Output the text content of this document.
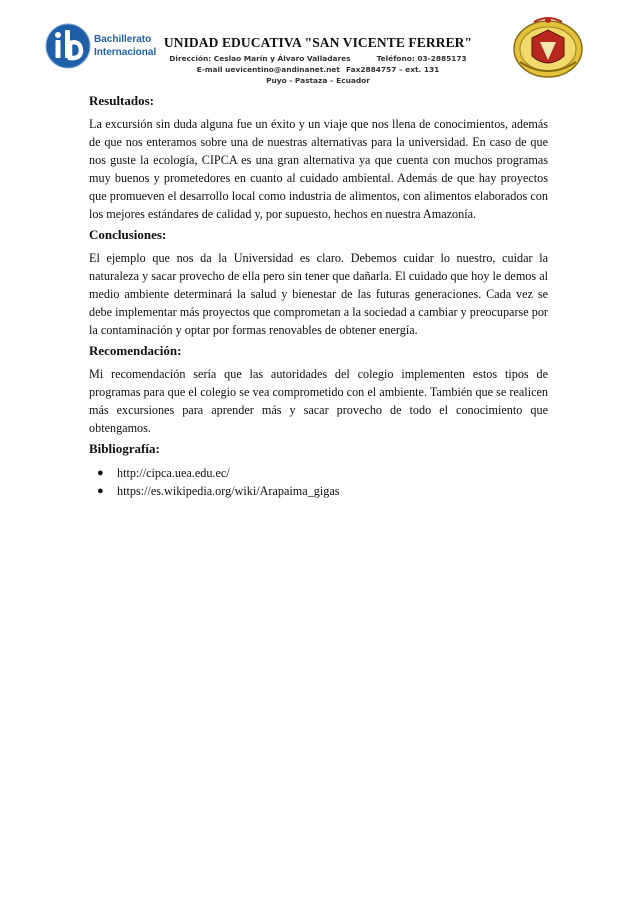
Bachillerato
Internacional
UNIDAD EDUCATIVA "SAN VICENTE FERRER"
Dirección: Ceslao Marín y Álvaro Valladares	Teléfono: 03-2885173
E-mail uevicentino@andinanet.net Fax2884757 – ext. 131
Puyo - Pastaza – Ecuador

Resultados:

La excursión sin duda alguna fue un éxito y un viaje que nos llena de conocimientos, además de que nos enteramos sobre una de nuestras alternativas para la universidad. En caso de que nos guste la ecología, CIPCA es una gran alternativa ya que cuenta con muchos programas muy buenos y prometedores en cuanto al cuidado ambiental. Además de que hay proyectos que promueven el desarrollo local como industria de alimentos, con alimentos elaborados con los mejores estándares de calidad y, por supuesto, hechos en nuestra Amazonía.

Conclusiones:

El ejemplo que nos da la Universidad es claro. Debemos cuidar lo nuestro, cuidar la naturaleza y sacar provecho de ella pero sin tener que dañarla. El cuidado que hoy le demos al medio ambiente determinará la salud y bienestar de las futuras generaciones. Cada vez se debe implementar más proyectos que comprometan a la sociedad a cambiar y preocuparse por la contaminación y optar por formas renovables de obtener energía.

Recomendación:

Mi recomendación sería que las autoridades del colegio implementen estos tipos de programas para que el colegio se vea comprometido con el ambiente. También que se realicen más excursiones para aprender más y sacar provecho de todo el conocimiento que obtengamos.

Bibliografía:

● http://cipca.uea.edu.ec/
● https://es.wikipedia.org/wiki/Arapaima_gigas
